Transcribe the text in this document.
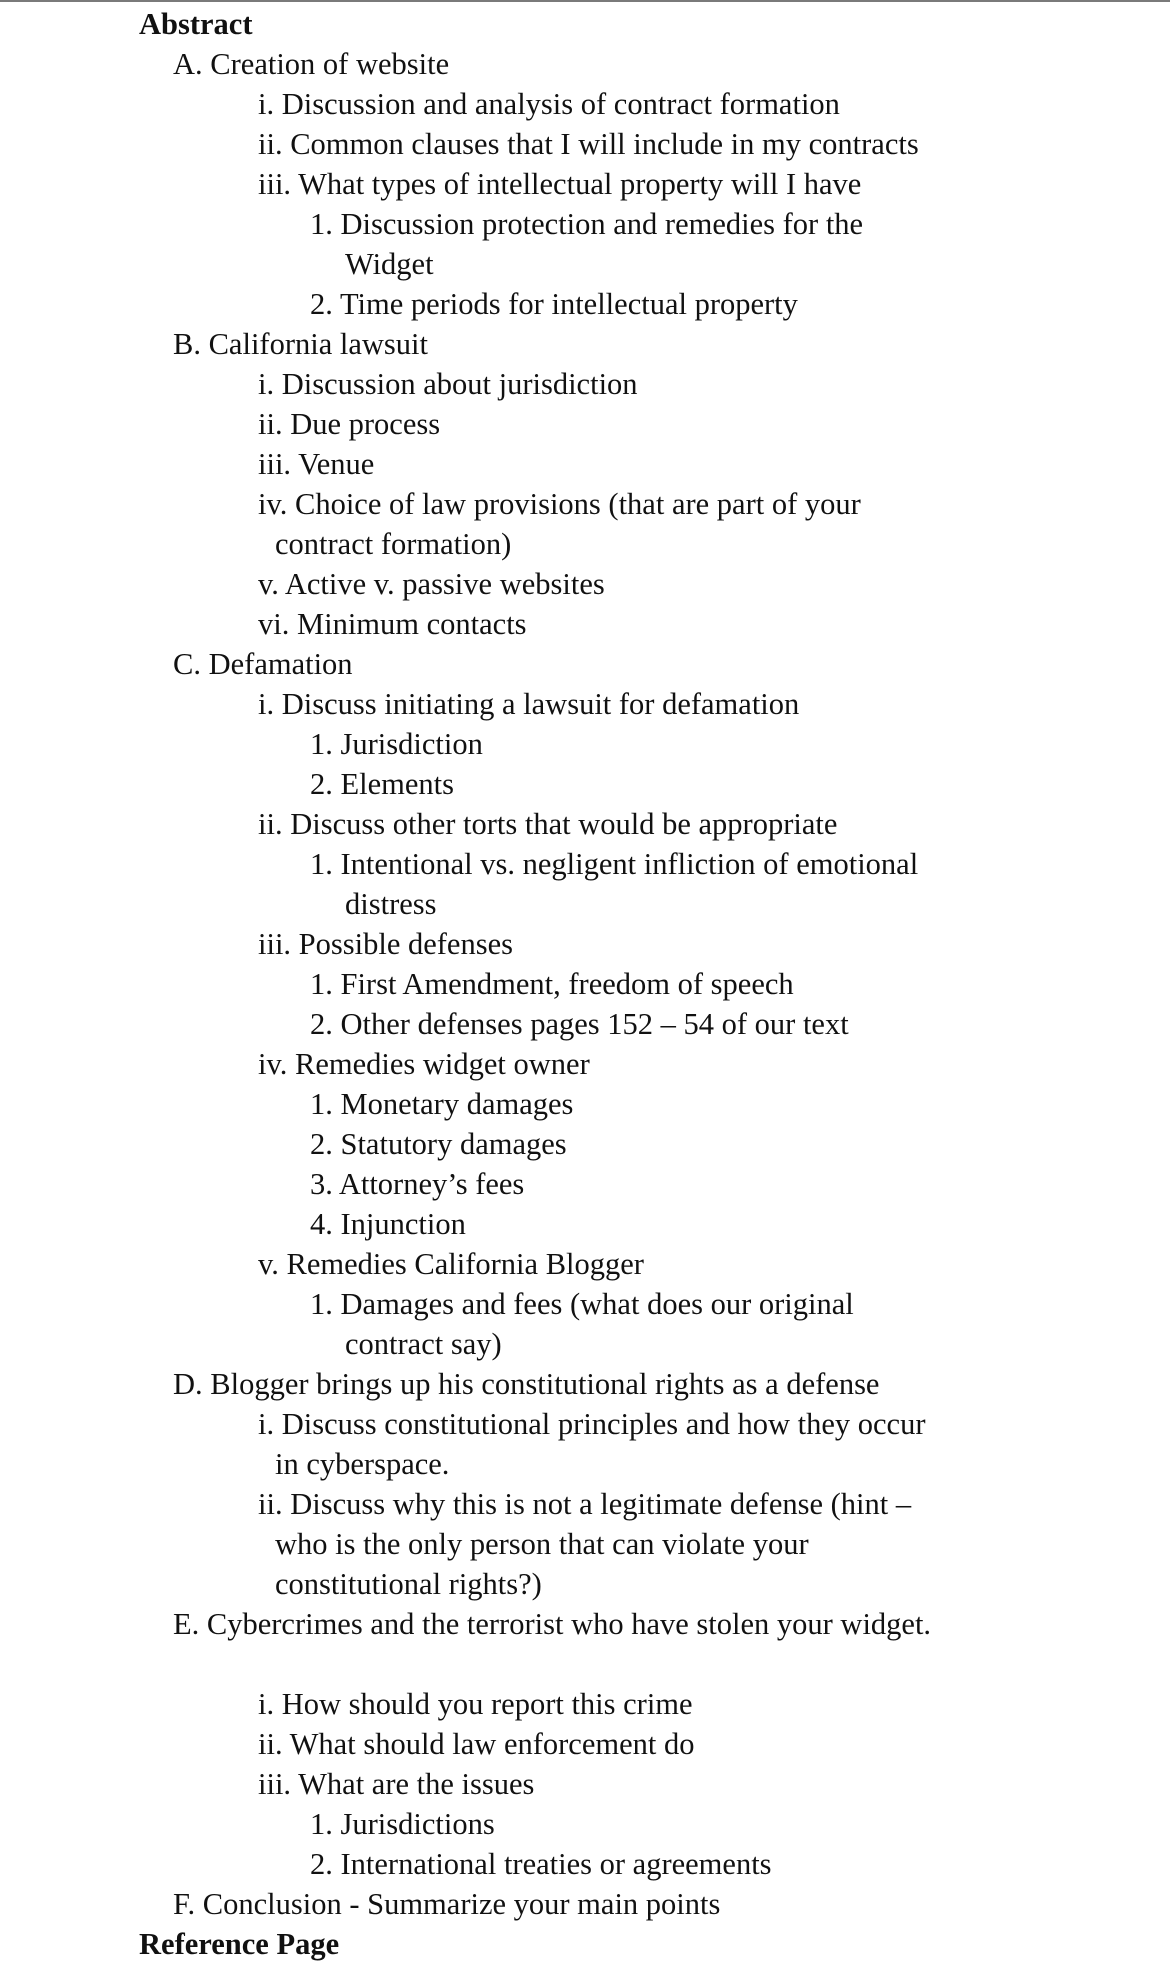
Abstract
A. Creation of website
i. Discussion and analysis of contract formation
ii. Common clauses that I will include in my contracts
iii. What types of intellectual property will I have
1. Discussion protection and remedies for the
Widget
2. Time periods for intellectual property
B. California lawsuit
i. Discussion about jurisdiction
ii. Due process
iii. Venue
iv. Choice of law provisions (that are part of your
contract formation)
v. Active v. passive websites
vi. Minimum contacts
C. Defamation
i. Discuss initiating a lawsuit for defamation
1. Jurisdiction
2. Elements
ii. Discuss other torts that would be appropriate
1. Intentional vs. negligent infliction of emotional
distress
iii. Possible defenses
1. First Amendment, freedom of speech
2. Other defenses pages 152 – 54 of our text
iv. Remedies widget owner
1. Monetary damages
2. Statutory damages
3. Attorney’s fees
4. Injunction
v. Remedies California Blogger
1. Damages and fees (what does our original
contract say)
D. Blogger brings up his constitutional rights as a defense
i. Discuss constitutional principles and how they occur
in cyberspace.
ii. Discuss why this is not a legitimate defense (hint –
who is the only person that can violate your
constitutional rights?)
E. Cybercrimes and the terrorist who have stolen your widget.
i. How should you report this crime
ii. What should law enforcement do
iii. What are the issues
1. Jurisdictions
2. International treaties or agreements
F. Conclusion - Summarize your main points
Reference Page
